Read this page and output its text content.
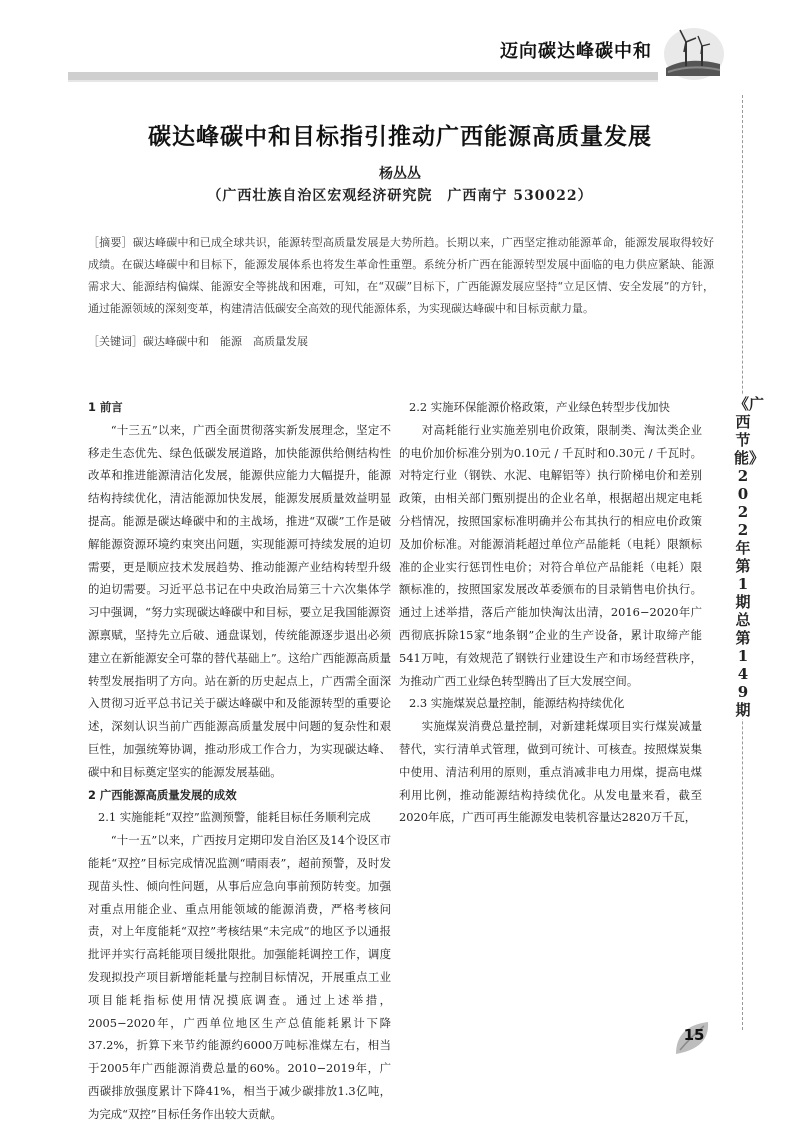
迈向碳达峰碳中和
碳达峰碳中和目标指引推动广西能源高质量发展
杨丛丛
（广西壮族自治区宏观经济研究院　广西南宁 530022）
［摘要］碳达峰碳中和已成全球共识，能源转型高质量发展是大势所趋。长期以来，广西坚定推动能源革命，能源发展取得较好成绩。在碳达峰碳中和目标下，能源发展体系也将发生革命性重塑。系统分析广西在能源转型发展中面临的电力供应紧缺、能源需求大、能源结构偏煤、能源安全等挑战和困难，可知，在“双碳”目标下，广西能源发展应坚持“立足区情、安全发展”的方针，通过能源领域的深刻变革，构建清洁低碳安全高效的现代能源体系，为实现碳达峰碳中和目标贡献力量。
［关键词］碳达峰碳中和　能源　高质量发展

1 前言

“十三五”以来，广西全面贯彻落实新发展理念，坚定不移走生态优先、绿色低碳发展道路，加快能源供给侧结构性改革和推进能源清洁化发展，能源供应能力大幅提升，能源结构持续优化，清洁能源加快发展，能源发展质量效益明显提高。能源是碳达峰碳中和的主战场，推进“双碳”工作是破解能源资源环境约束突出问题，实现能源可持续发展的迫切需要，更是顺应技术发展趋势、推动能源产业结构转型升级的迫切需要。习近平总书记在中央政治局第三十六次集体学习中强调，“努力实现碳达峰碳中和目标，要立足我国能源资源禀赋，坚持先立后破、通盘谋划，传统能源逐步退出必须建立在新能源安全可靠的替代基础上”。这给广西能源高质量转型发展指明了方向。站在新的历史起点上，广西需全面深入贯彻习近平总书记关于碳达峰碳中和及能源转型的重要论述，深刻认识当前广西能源高质量发展中问题的复杂性和艰巨性，加强统筹协调，推动形成工作合力，为实现碳达峰、碳中和目标奠定坚实的能源发展基础。

2 广西能源高质量发展的成效

2.1 实施能耗“双控”监测预警，能耗目标任务顺利完成

“十一五”以来，广西按月定期印发自治区及14个设区市能耗“双控”目标完成情况监测“晴雨表”，超前预警，及时发现苗头性、倾向性问题，从事后应急向事前预防转变。加强对重点用能企业、重点用能领域的能源消费，严格考核问责，对上年度能耗“双控”考核结果“未完成”的地区予以通报批评并实行高耗能项目缓批限批。加强能耗调控工作，调度发现拟投产项目新增能耗量与控制目标情况，开展重点工业项目能耗指标使用情况摸底调查。通过上述举措，2005−2020年，广西单位地区生产总值能耗累计下降37.2%，折算下来节约能源约6000万吨标准煤左右，相当于2005年广西能源消费总量的60%。2010−2019年，广西碳排放强度累计下降41%，相当于减少碳排放1.3亿吨，为完成“双控”目标任务作出较大贡献。

2.2 实施环保能源价格政策，产业绿色转型步伐加快

对高耗能行业实施差别电价政策，限制类、淘汰类企业的电价加价标准分别为0.10元 / 千瓦时和0.30元 / 千瓦时。对特定行业（钢铁、水泥、电解铝等）执行阶梯电价和差别政策，由相关部门甄别提出的企业名单，根据超出规定电耗分档情况，按照国家标准明确并公布其执行的相应电价政策及加价标准。对能源消耗超过单位产品能耗（电耗）限额标准的企业实行惩罚性电价；对符合单位产品能耗（电耗）限额标准的，按照国家发展改革委颁布的目录销售电价执行。通过上述举措，落后产能加快淘汰出清，2016−2020年广西彻底拆除15家“地条钢”企业的生产设备，累计取缔产能541万吨，有效规范了钢铁行业建设生产和市场经营秩序，为推动广西工业绿色转型腾出了巨大发展空间。

2.3 实施煤炭总量控制，能源结构持续优化

实施煤炭消费总量控制，对新建耗煤项目实行煤炭减量替代，实行清单式管理，做到可统计、可核查。按照煤炭集中使用、清洁利用的原则，重点消减非电力用煤，提高电煤利用比例，推动能源结构持续优化。从发电量来看，截至2020年底，广西可再生能源发电装机容量达2820万千瓦，

《广西节能》2022年第1期 总第149期
15
